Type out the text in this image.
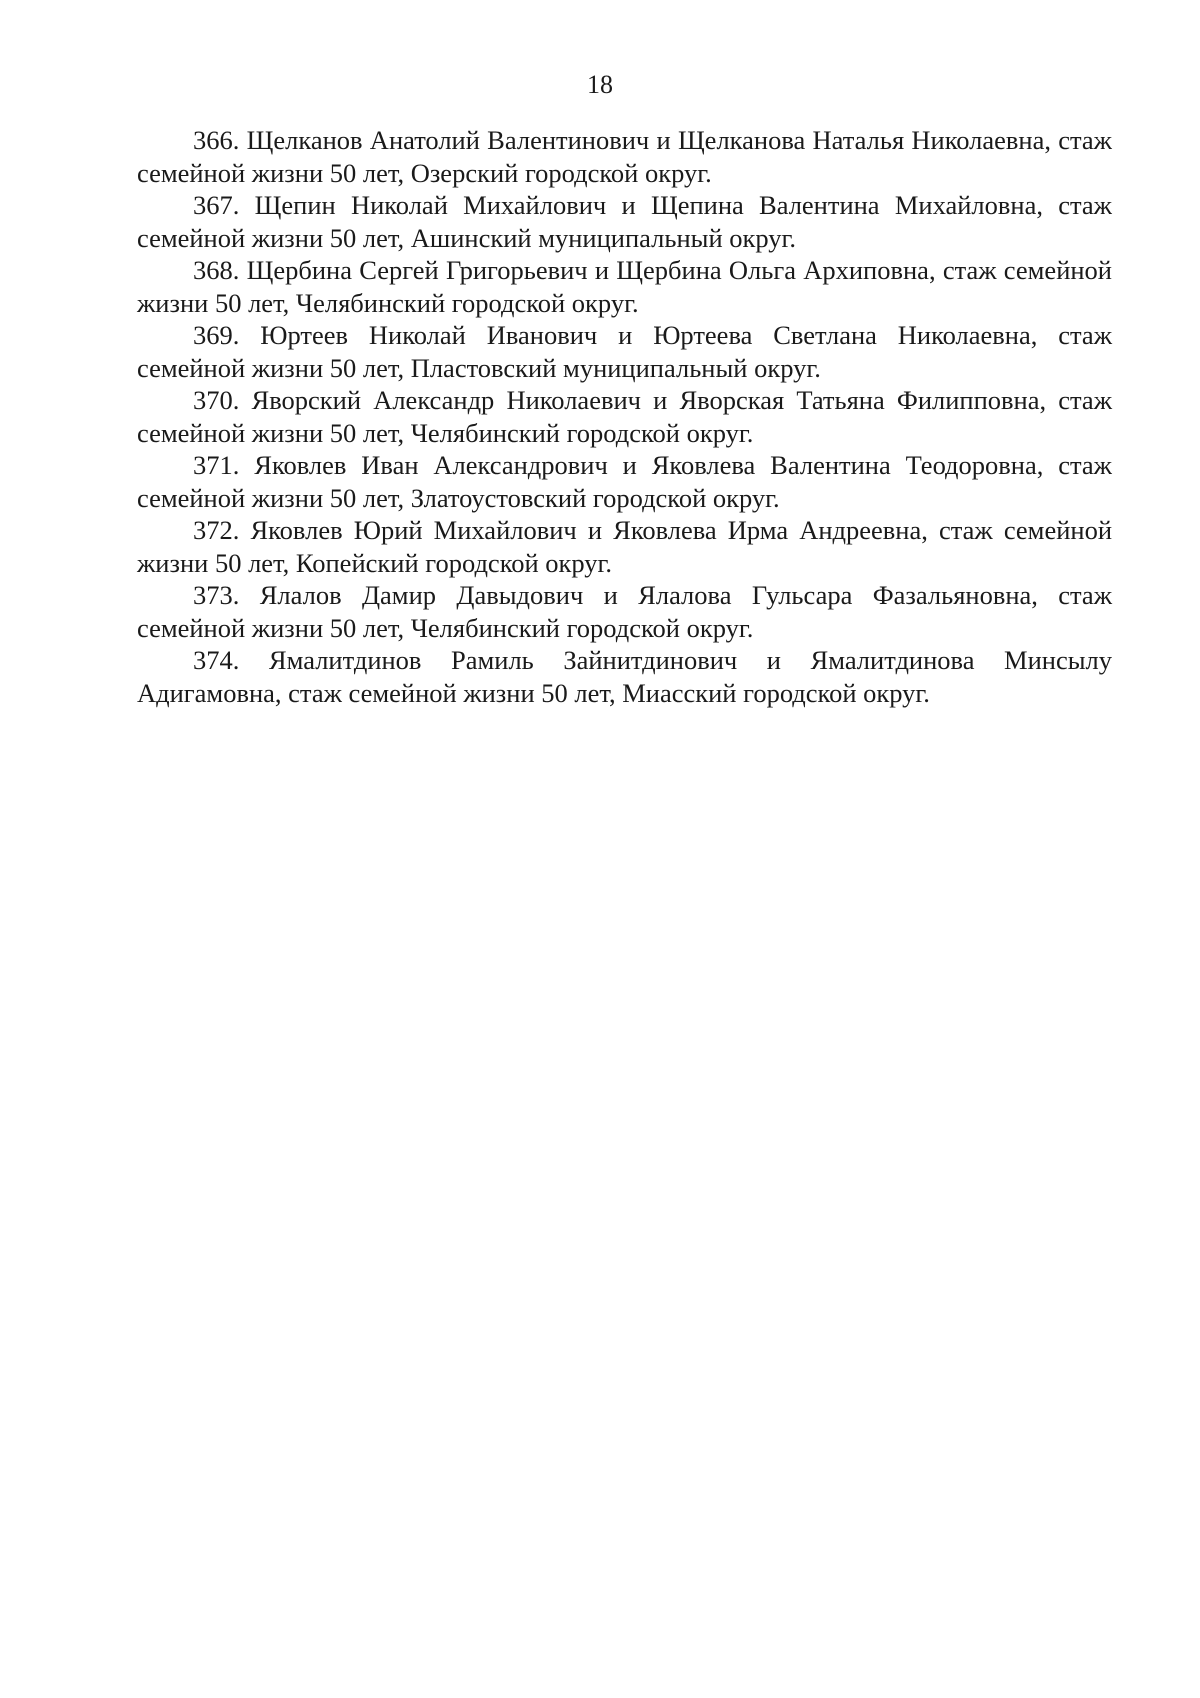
18

366. Щелканов Анатолий Валентинович и Щелканова Наталья Николаевна, стаж семейной жизни 50 лет, Озерский городской округ.

367. Щепин Николай Михайлович и Щепина Валентина Михайловна, стаж семейной жизни 50 лет, Ашинский муниципальный округ.

368. Щербина Сергей Григорьевич и Щербина Ольга Архиповна, стаж семейной жизни 50 лет, Челябинский городской округ.

369. Юртеев Николай Иванович и Юртеева Светлана Николаевна, стаж семейной жизни 50 лет, Пластовский муниципальный округ.

370. Яворский Александр Николаевич и Яворская Татьяна Филипповна, стаж семейной жизни 50 лет, Челябинский городской округ.

371. Яковлев Иван Александрович и Яковлева Валентина Теодоровна, стаж семейной жизни 50 лет, Златоустовский городской округ.

372. Яковлев Юрий Михайлович и Яковлева Ирма Андреевна, стаж семейной жизни 50 лет, Копейский городской округ.

373. Ялалов Дамир Давыдович и Ялалова Гульсара Фазальяновна, стаж семейной жизни 50 лет, Челябинский городской округ.

374. Ямалитдинов Рамиль Зайнитдинович и Ямалитдинова Минсылу Адигамовна, стаж семейной жизни 50 лет, Миасский городской округ.
